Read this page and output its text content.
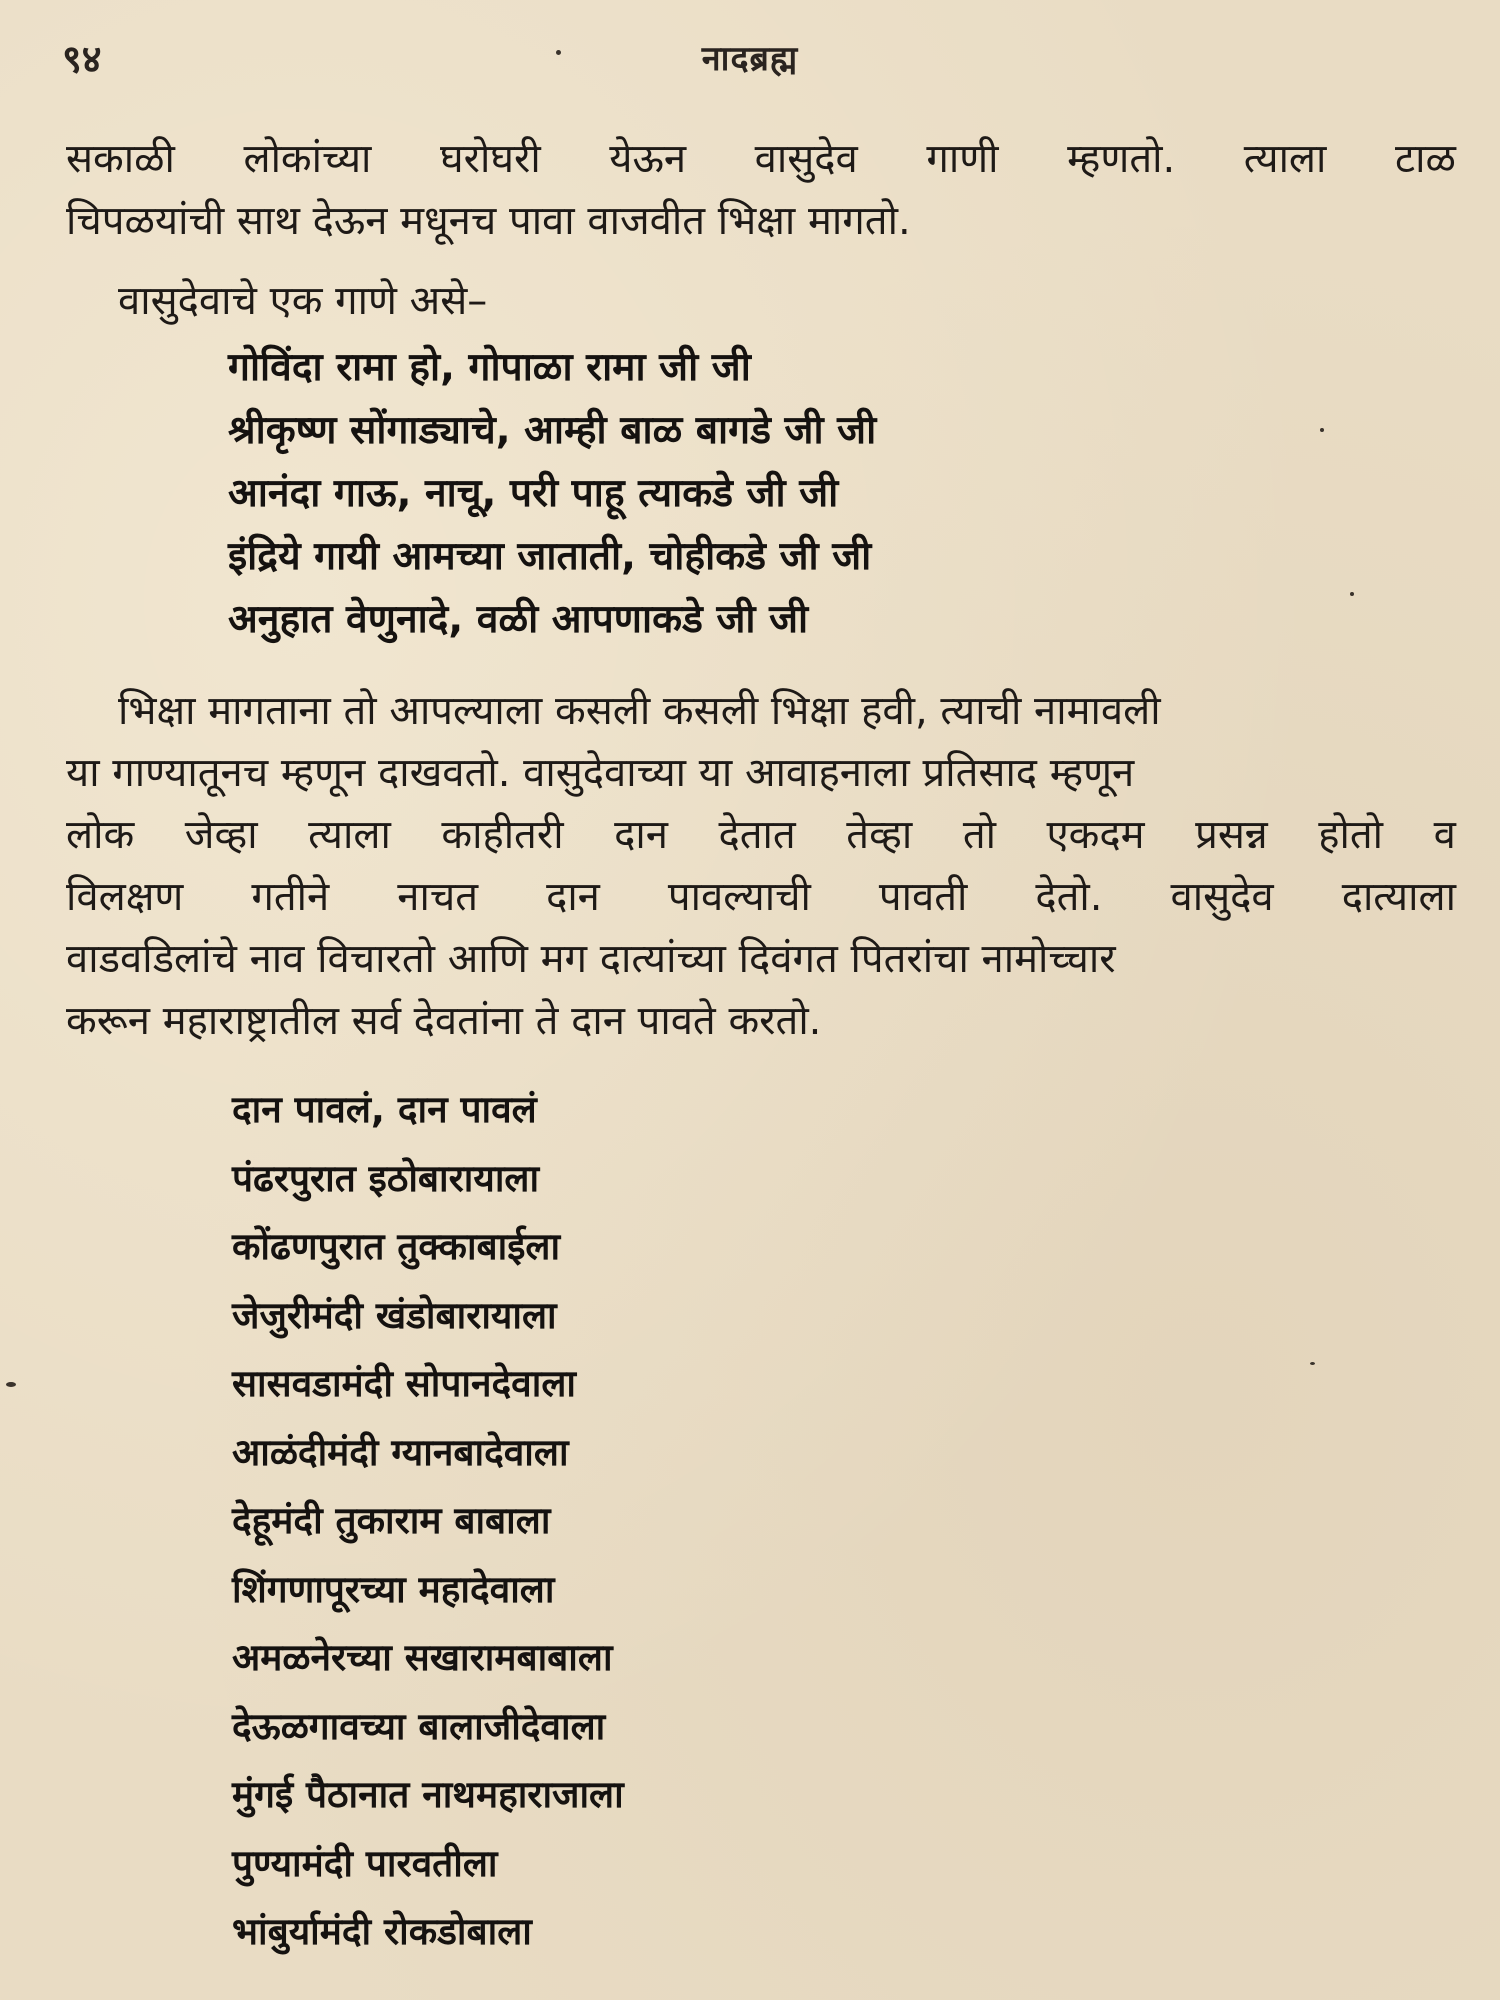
९४	नादब्रह्म
सकाळी लोकांच्या घरोघरी येऊन वासुदेव गाणी म्हणतो. त्याला टाळ
चिपळयांची साथ देऊन मधूनच पावा वाजवीत भिक्षा मागतो.
वासुदेवाचे एक गाणे असे–
गोविंदा रामा हो, गोपाळा रामा जी जी
श्रीकृष्ण सोंगाड्याचे, आम्ही बाळ बागडे जी जी
आनंदा गाऊ, नाचू, परी पाहू त्याकडे जी जी
इंद्रिये गायी आमच्या जाताती, चोहीकडे जी जी
अनुहात वेणुनादे, वळी आपणाकडे जी जी
भिक्षा मागताना तो आपल्याला कसली कसली भिक्षा हवी, त्याची नामावली
या गाण्यातूनच म्हणून दाखवतो. वासुदेवाच्या या आवाहनाला प्रतिसाद म्हणून
लोक जेव्हा त्याला काहीतरी दान देतात तेव्हा तो एकदम प्रसन्न होतो व
विलक्षण गतीने नाचत दान पावल्याची पावती देतो. वासुदेव दात्याला
वाडवडिलांचे नाव विचारतो आणि मग दात्यांच्या दिवंगत पितरांचा नामोच्चार
करून महाराष्ट्रातील सर्व देवतांना ते दान पावते करतो.
दान पावलं, दान पावलं
पंढरपुरात इठोबारायाला
कोंढणपुरात तुक्काबाईला
जेजुरीमंदी खंडोबारायाला
सासवडामंदी सोपानदेवाला
आळंदीमंदी ग्यानबादेवाला
देहूमंदी तुकाराम बाबाला
शिंगणापूरच्या महादेवाला
अमळनेरच्या सखारामबाबाला
देऊळगावच्या बालाजीदेवाला
मुंगई पैठानात नाथमहाराजाला
पुण्यामंदी पारवतीला
भांबुर्यामंदी रोकडोबाला
